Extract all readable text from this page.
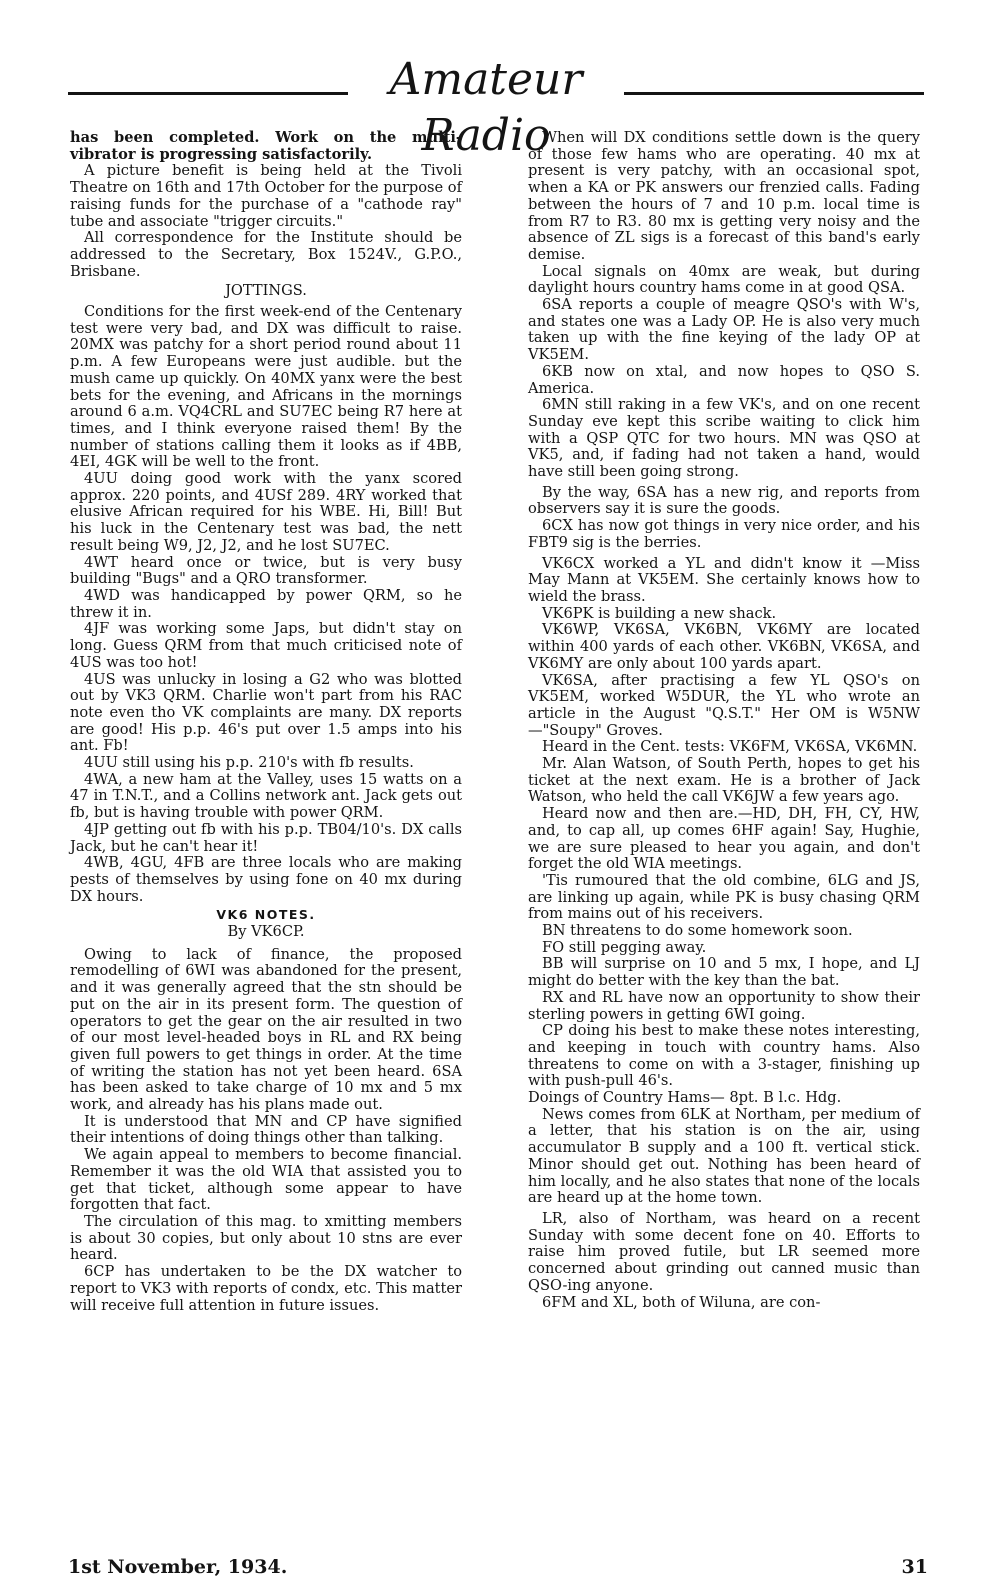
Amateur Radio

has been completed. Work on the multi-vibrator is progressing satisfactorily.

A picture benefit is being held at the Tivoli Theatre on 16th and 17th October for the purpose of raising funds for the purchase of a "cathode ray" tube and associate "trigger circuits."

All correspondence for the Institute should be addressed to the Secretary, Box 1524V., G.P.O., Brisbane.

JOTTINGS.

Conditions for the first week-end of the Centenary test were very bad, and DX was difficult to raise. 20MX was patchy for a short period round about 11 p.m. A few Europeans were just audible. but the mush came up quickly. On 40MX yanx were the best bets for the evening, and Africans in the mornings around 6 a.m. VQ4CRL and SU7EC being R7 here at times, and I think everyone raised them! By the number of stations calling them it looks as if 4BB, 4EI, 4GK will be well to the front.

4UU doing good work with the yanx scored approx. 220 points, and 4USf 289. 4RY worked that elusive African required for his WBE. Hi, Bill! But his luck in the Centenary test was bad, the nett result being W9, J2, J2, and he lost SU7EC.

4WT heard once or twice, but is very busy building "Bugs" and a QRO transformer.

4WD was handicapped by power QRM, so he threw it in.

4JF was working some Japs, but didn't stay on long. Guess QRM from that much criticised note of 4US was too hot!

4US was unlucky in losing a G2 who was blotted out by VK3 QRM. Charlie won't part from his RAC note even tho VK complaints are many. DX reports are good! His p.p. 46's put over 1.5 amps into his ant. Fb!

4UU still using his p.p. 210's with fb results.

4WA, a new ham at the Valley, uses 15 watts on a 47 in T.N.T., and a Collins network ant. Jack gets out fb, but is having trouble with power QRM.

4JP getting out fb with his p.p. TB04/10's. DX calls Jack, but he can't hear it!

4WB, 4GU, 4FB are three locals who are making pests of themselves by using fone on 40 mx during DX hours.

VK6 NOTES.

By VK6CP.

Owing to lack of finance, the proposed remodelling of 6WI was abandoned for the present, and it was generally agreed that the stn should be put on the air in its present form. The question of operators to get the gear on the air resulted in two of our most level-headed boys in RL and RX being given full powers to get things in order. At the time of writing the station has not yet been heard. 6SA has been asked to take charge of 10 mx and 5 mx work, and already has his plans made out.

It is understood that MN and CP have signified their intentions of doing things other than talking.

We again appeal to members to become financial. Remember it was the old WIA that assisted you to get that ticket, although some appear to have forgotten that fact.

The circulation of this mag. to xmitting members is about 30 copies, but only about 10 stns are ever heard.

6CP has undertaken to be the DX watcher to report to VK3 with reports of condx, etc. This matter will receive full attention in future issues.

When will DX conditions settle down is the query of those few hams who are operating. 40 mx at present is very patchy, with an occasional spot, when a KA or PK answers our frenzied calls. Fading between the hours of 7 and 10 p.m. local time is from R7 to R3. 80 mx is getting very noisy and the absence of ZL sigs is a forecast of this band's early demise.

Local signals on 40mx are weak, but during daylight hours country hams come in at good QSA.

6SA reports a couple of meagre QSO's with W's, and states one was a Lady OP. He is also very much taken up with the fine keying of the lady OP at VK5EM.

6KB now on xtal, and now hopes to QSO S. America.

6MN still raking in a few VK's, and on one recent Sunday eve kept this scribe waiting to click him with a QSP QTC for two hours. MN was QSO at VK5, and, if fading had not taken a hand, would have still been going strong.

By the way, 6SA has a new rig, and reports from observers say it is sure the goods.

6CX has now got things in very nice order, and his FBT9 sig is the berries.

VK6CX worked a YL and didn't know it —Miss May Mann at VK5EM. She certainly knows how to wield the brass.

VK6PK is building a new shack.

VK6WP, VK6SA, VK6BN, VK6MY are located within 400 yards of each other. VK6BN, VK6SA, and VK6MY are only about 100 yards apart.

VK6SA, after practising a few YL QSO's on VK5EM, worked W5DUR, the YL who wrote an article in the August "Q.S.T." Her OM is W5NW—"Soupy" Groves.

Heard in the Cent. tests: VK6FM, VK6SA, VK6MN.

Mr. Alan Watson, of South Perth, hopes to get his ticket at the next exam. He is a brother of Jack Watson, who held the call VK6JW a few years ago.

Heard now and then are.—HD, DH, FH, CY, HW, and, to cap all, up comes 6HF again! Say, Hughie, we are sure pleased to hear you again, and don't forget the old WIA meetings.

'Tis rumoured that the old combine, 6LG and JS, are linking up again, while PK is busy chasing QRM from mains out of his receivers.

BN threatens to do some homework soon.

FO still pegging away.

BB will surprise on 10 and 5 mx, I hope, and LJ might do better with the key than the bat.

RX and RL have now an opportunity to show their sterling powers in getting 6WI going.

CP doing his best to make these notes interesting, and keeping in touch with country hams. Also threatens to come on with a 3-stager, finishing up with push-pull 46's.

Doings of Country Hams— 8pt. B l.c. Hdg.

News comes from 6LK at Northam, per medium of a letter, that his station is on the air, using accumulator B supply and a 100 ft. vertical stick. Minor should get out. Nothing has been heard of him locally, and he also states that none of the locals are heard up at the home town.

LR, also of Northam, was heard on a recent Sunday with some decent fone on 40. Efforts to raise him proved futile, but LR seemed more concerned about grinding out canned music than QSO-ing anyone.

6FM and XL, both of Wiluna, are con-

1st November, 1934.	31
